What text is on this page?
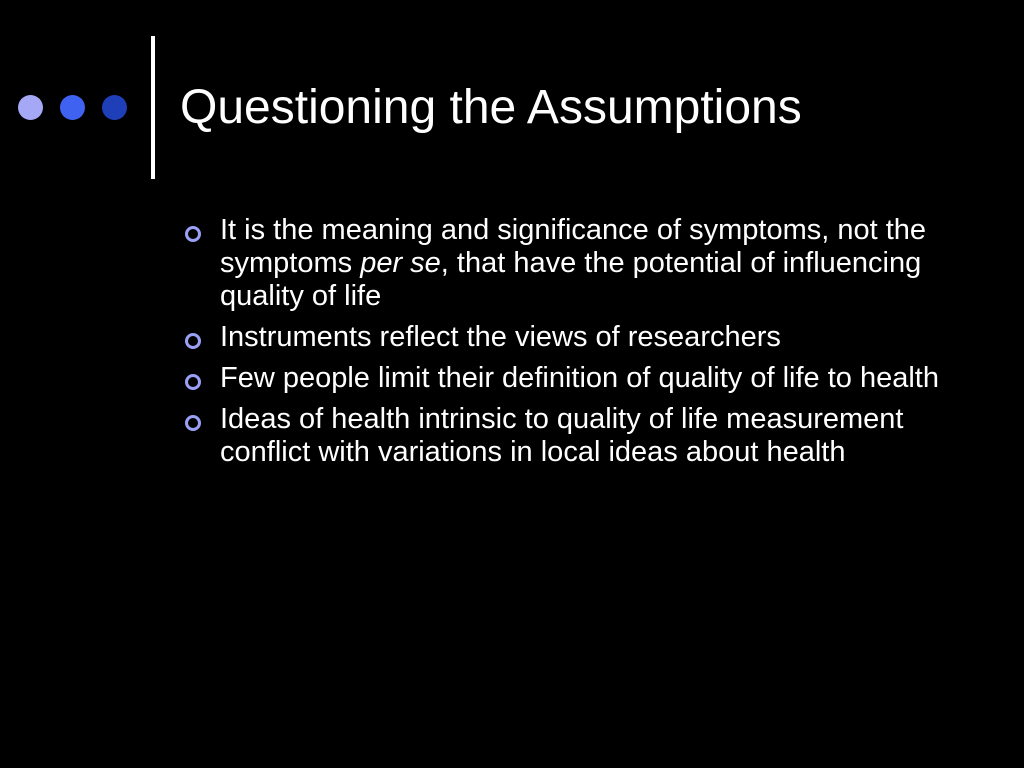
Questioning the Assumptions
It is the meaning and significance of symptoms, not the symptoms per se, that have the potential of influencing quality of life
Instruments reflect the views of researchers
Few people limit their definition of quality of life to health
Ideas of health intrinsic to quality of life measurement conflict with variations in local ideas about health
